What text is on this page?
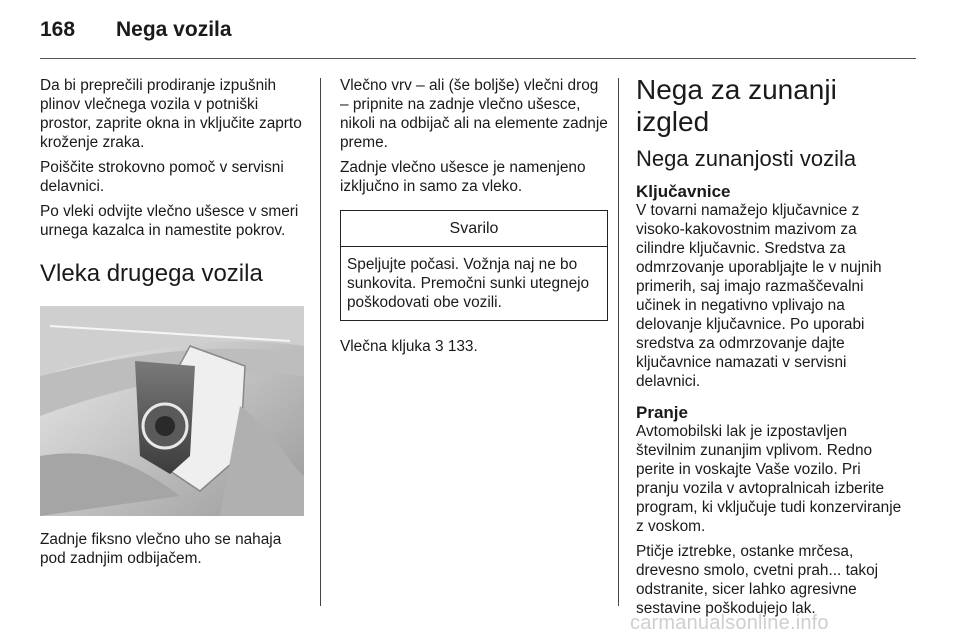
168 Nega vozila

Da bi preprečili prodiranje izpušnih plinov vlečnega vozila v potniški prostor, zaprite okna in vključite zaprto kroženje zraka.

Poiščite strokovno pomoč v servisni delavnici.

Po vleki odvijte vlečno ušesce v smeri urnega kazalca in namestite pokrov.

Vleka drugega vozila

Zadnje fiksno vlečno uho se nahaja pod zadnjim odbijačem.

Vlečno vrv – ali (še boljše) vlečni drog – pripnite na zadnje vlečno ušesce, nikoli na odbijač ali na elemente zadnje preme.

Zadnje vlečno ušesce je namenjeno izključno in samo za vleko.

Svarilo
Speljujte počasi. Vožnja naj ne bo sunkovita. Premočni sunki utegnejo poškodovati obe vozili.

Vlečna kljuka 3 133.

Nega za zunanji izgled
Nega zunanjosti vozila
Ključavnice

V tovarni namažejo ključavnice z visoko-kakovostnim mazivom za cilindre ključavnic. Sredstva za odmrzovanje uporabljajte le v nujnih primerih, saj imajo razmaščevalni učinek in negativno vplivajo na delovanje ključavnice. Po uporabi sredstva za odmrzovanje dajte ključavnice namazati v servisni delavnici.

Pranje

Avtomobilski lak je izpostavljen številnim zunanjim vplivom. Redno perite in voskajte Vaše vozilo. Pri pranju vozila v avtopralnicah izberite program, ki vključuje tudi konzerviranje z voskom.

Ptičje iztrebke, ostanke mrčesa, drevesno smolo, cvetni prah... takoj odstranite, sicer lahko agresivne sestavine poškodujejo lak.

carmanualsonline.info
